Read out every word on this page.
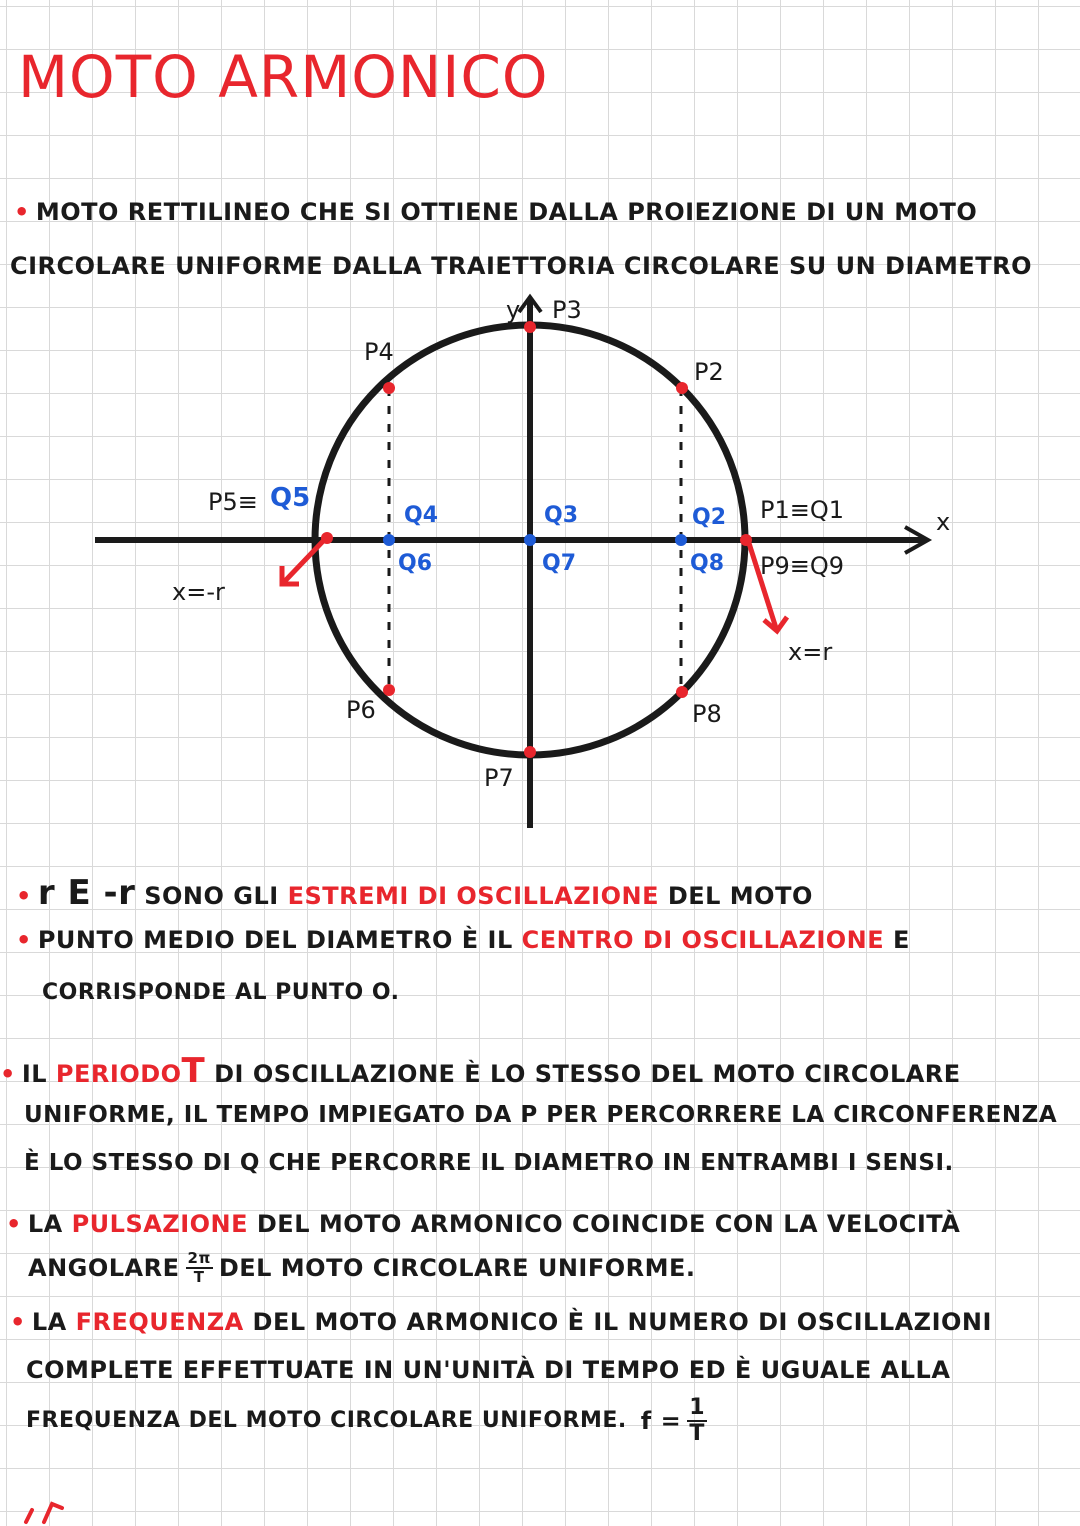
MOTO ARMONICO
• MOTO RETTILINEO CHE SI OTTIENE DALLA PROIEZIONE DI UN MOTO
CIRCOLARE UNIFORME DALLA TRAIETTORIA CIRCOLARE SU UN DIAMETRO
x
y P3
P2
P4
P5≡ Q5	P1≡Q1
P9≡Q9
P6	P8
P7
Q4
Q6
Q3
Q7
Q2
Q8
x=-r
x=r
• r E -r SONO GLI ESTREMI DI OSCILLAZIONE DEL MOTO
• PUNTO MEDIO DEL DIAMETRO È IL CENTRO DI OSCILLAZIONE E
CORRISPONDE AL PUNTO O.
• IL PERIODOT DI OSCILLAZIONE È LO STESSO DEL MOTO CIRCOLARE
UNIFORME, IL TEMPO IMPIEGATO DA P PER PERCORRERE LA CIRCONFERENZA
È LO STESSO DI Q CHE PERCORRE IL DIAMETRO IN ENTRAMBI I SENSI.
• LA PULSAZIONE DEL MOTO ARMONICO COINCIDE CON LA VELOCITÀ
ANGOLARE $\frac{2\pi}{T}$ DEL MOTO CIRCOLARE UNIFORME.
• LA FREQUENZA DEL MOTO ARMONICO È IL NUMERO DI OSCILLAZIONI
COMPLETE EFFETTUATE IN UN'UNITÀ DI TEMPO ED È UGUALE ALLA
FREQUENZA DEL MOTO CIRCOLARE UNIFORME. $f = \frac{1}{T}$
